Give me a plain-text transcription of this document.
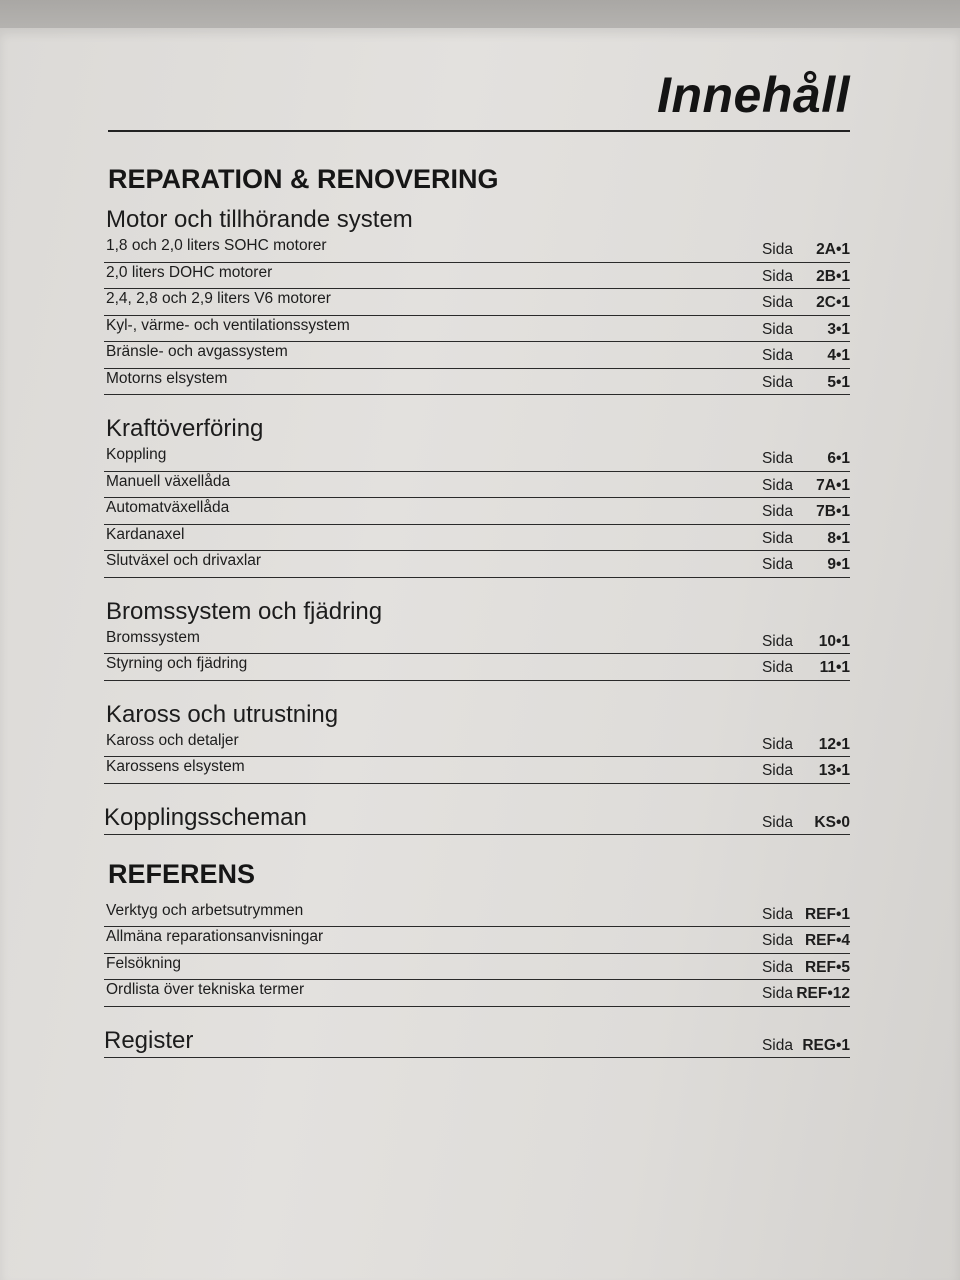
Innehåll
REPARATION & RENOVERING
Motor och tillhörande system
1,8 och 2,0 liters SOHC motorer	Sida 2A•1
2,0 liters DOHC motorer	Sida 2B•1
2,4, 2,8 och 2,9 liters V6 motorer	Sida 2C•1
Kyl-, värme- och ventilationssystem	Sida 3•1
Bränsle- och avgassystem	Sida 4•1
Motorns elsystem	Sida 5•1
Kraftöverföring
Koppling	Sida 6•1
Manuell växellåda	Sida 7A•1
Automatväxellåda	Sida 7B•1
Kardanaxel	Sida 8•1
Slutväxel och drivaxlar	Sida 9•1
Bromssystem och fjädring
Bromssystem	Sida 10•1
Styrning och fjädring	Sida 11•1
Kaross och utrustning
Kaross och detaljer	Sida 12•1
Karossens elsystem	Sida 13•1
Kopplingsscheman	Sida KS•0
REFERENS
Verktyg och arbetsutrymmen	Sida REF•1
Allmäna reparationsanvisningar	Sida REF•4
Felsökning	Sida REF•5
Ordlista över tekniska termer	Sida REF•12
Register	Sida REG•1
